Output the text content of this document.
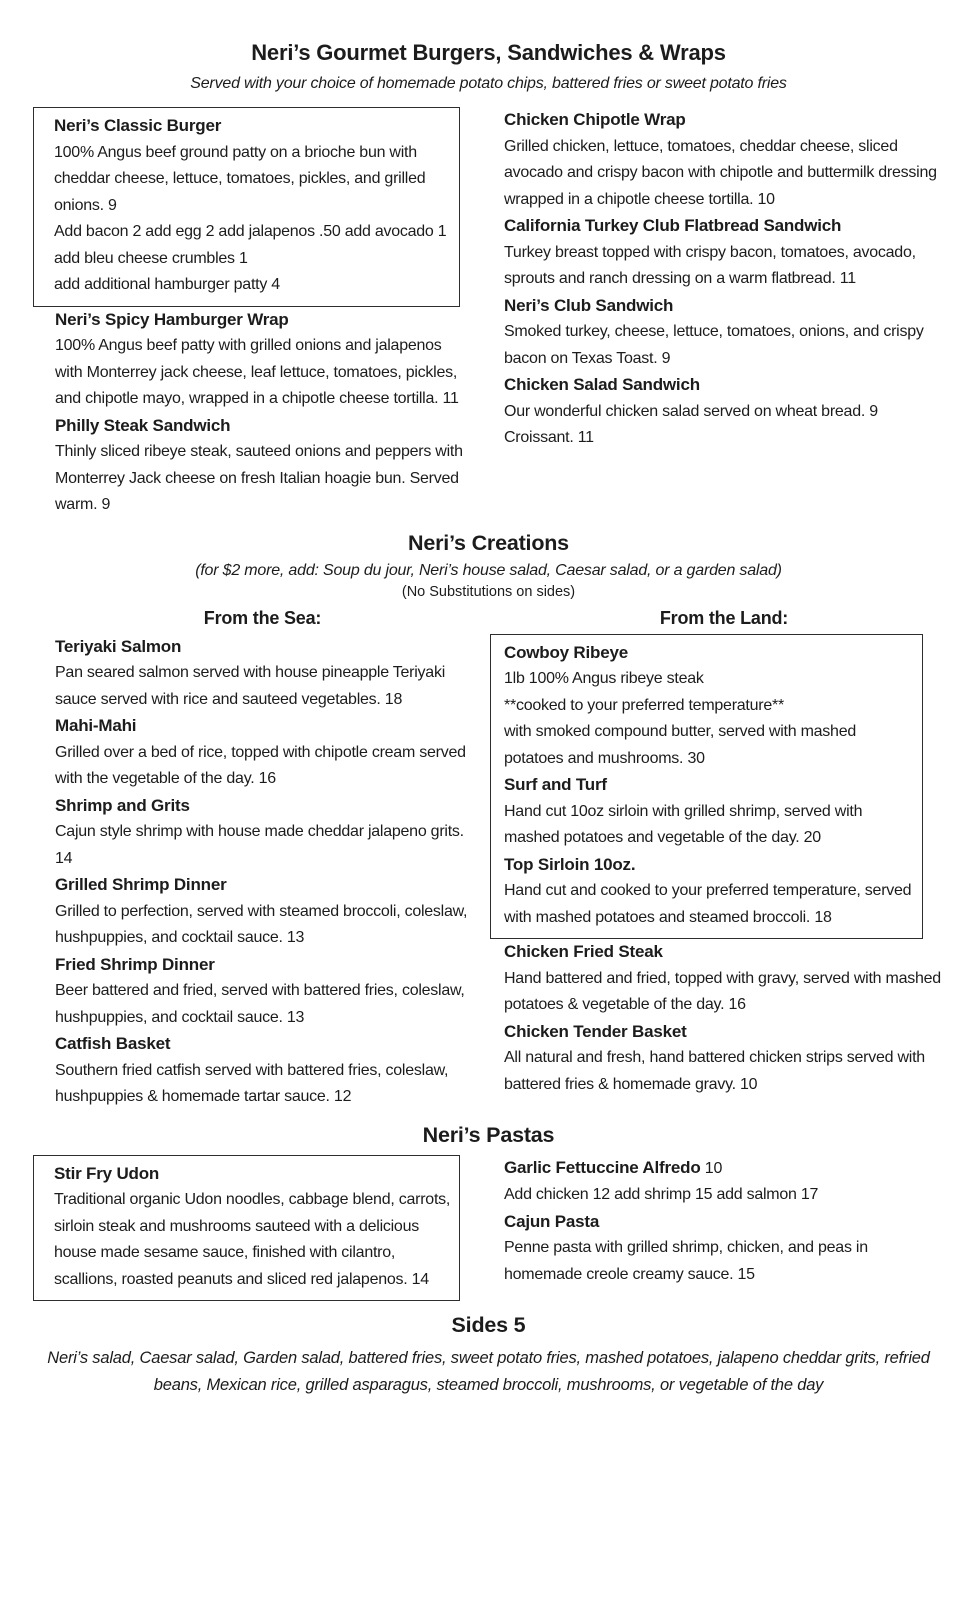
Neri’s Gourmet Burgers, Sandwiches & Wraps
Served with your choice of homemade potato chips, battered fries or sweet potato fries
Neri’s Classic Burger
100% Angus beef ground patty on a brioche bun with cheddar cheese, lettuce, tomatoes, pickles, and grilled onions. 9
Add bacon 2 add egg 2 add jalapenos .50 add avocado 1 add bleu cheese crumbles 1
add additional hamburger patty 4
Neri’s Spicy Hamburger Wrap
100% Angus beef patty with grilled onions and jalapenos with Monterrey jack cheese, leaf lettuce, tomatoes, pickles, and chipotle mayo, wrapped in a chipotle cheese tortilla. 11
Philly Steak Sandwich
Thinly sliced ribeye steak, sauteed onions and peppers with Monterrey Jack cheese on fresh Italian hoagie bun. Served warm. 9
Chicken Chipotle Wrap
Grilled chicken, lettuce, tomatoes, cheddar cheese, sliced avocado and crispy bacon with chipotle and buttermilk dressing wrapped in a chipotle cheese tortilla. 10
California Turkey Club Flatbread Sandwich
Turkey breast topped with crispy bacon, tomatoes, avocado, sprouts and ranch dressing on a warm flatbread. 11
Neri’s Club Sandwich
Smoked turkey, cheese, lettuce, tomatoes, onions, and crispy bacon on Texas Toast. 9
Chicken Salad Sandwich
Our wonderful chicken salad served on wheat bread. 9 Croissant. 11
Neri’s Creations
(for $2 more, add: Soup du jour, Neri’s house salad, Caesar salad, or a garden salad)
(No Substitutions on sides)
From the Sea:
Teriyaki Salmon
Pan seared salmon served with house pineapple Teriyaki sauce served with rice and sauteed vegetables. 18
Mahi-Mahi
Grilled over a bed of rice, topped with chipotle cream served with the vegetable of the day. 16
Shrimp and Grits
Cajun style shrimp with house made cheddar jalapeno grits. 14
Grilled Shrimp Dinner
Grilled to perfection, served with steamed broccoli, coleslaw, hushpuppies, and cocktail sauce. 13
Fried Shrimp Dinner
Beer battered and fried, served with battered fries, coleslaw, hushpuppies, and cocktail sauce. 13
Catfish Basket
Southern fried catfish served with battered fries, coleslaw, hushpuppies & homemade tartar sauce. 12
From the Land:
Cowboy Ribeye
1lb 100% Angus ribeye steak
**cooked to your preferred temperature**
with smoked compound butter, served with mashed potatoes and mushrooms. 30
Surf and Turf
Hand cut 10oz sirloin with grilled shrimp, served with mashed potatoes and vegetable of the day. 20
Top Sirloin 10oz.
Hand cut and cooked to your preferred temperature, served with mashed potatoes and steamed broccoli. 18
Chicken Fried Steak
Hand battered and fried, topped with gravy, served with mashed potatoes & vegetable of the day. 16
Chicken Tender Basket
All natural and fresh, hand battered chicken strips served with battered fries & homemade gravy. 10
Neri’s Pastas
Stir Fry Udon
Traditional organic Udon noodles, cabbage blend, carrots, sirloin steak and mushrooms sauteed with a delicious house made sesame sauce, finished with cilantro, scallions, roasted peanuts and sliced red jalapenos. 14
Garlic Fettuccine Alfredo 10
Add chicken 12 add shrimp 15 add salmon 17
Cajun Pasta
Penne pasta with grilled shrimp, chicken, and peas in homemade creole creamy sauce. 15
Sides 5
Neri’s salad, Caesar salad, Garden salad, battered fries, sweet potato fries, mashed potatoes, jalapeno cheddar grits, refried beans, Mexican rice, grilled asparagus, steamed broccoli, mushrooms, or vegetable of the day
